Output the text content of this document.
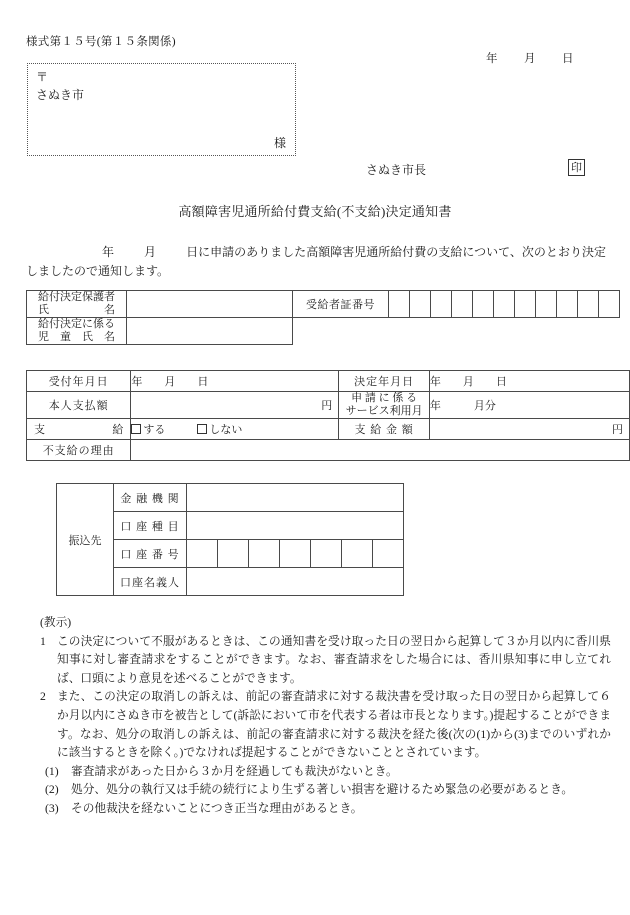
様式第１５号(第１５条関係)
年 月 日
〒
さぬき市
様
さぬき市長	印
高額障害児通所給付費支給(不支給)決定通知書
年	月	日に申請のありました高額障害児通所給付費の支給について、次のとおり決定しましたので通知します。
給付決定保護者
氏　　　　　名		受給者証番号											

給付決定に係る
児　童　氏　名													

受付年月日	年　　月　　日	決定年月日	年　　月　　日
本人支払額	円	申 請 に 係 る
サービス利用月	年　　　月分
支　　　　給	する しない	支 給 金 額	円
不支給の理由			
振込先	金 融 機 関							
	口 座 種 目							
	口 座 番 号							
	口座名義人							
(教示)
1 この決定について不服があるときは、この通知書を受け取った日の翌日から起算して３か月以内に香川県知事に対し審査請求をすることができます。なお、審査請求をした場合には、香川県知事に申し立てれば、口頭により意見を述べることができます。
2 また、この決定の取消しの訴えは、前記の審査請求に対する裁決書を受け取った日の翌日から起算して６か月以内にさぬき市を被告として(訴訟において市を代表する者は市長となります。)提起することができます。なお、処分の取消しの訴えは、前記の審査請求に対する裁決を経た後(次の(1)から(3)までのいずれかに該当するときを除く。)でなければ提起することができないこととされています。
(1) 審査請求があった日から３か月を経過しても裁決がないとき。
(2) 処分、処分の執行又は手続の続行により生ずる著しい損害を避けるため緊急の必要があるとき。
(3) その他裁決を経ないことにつき正当な理由があるとき。
